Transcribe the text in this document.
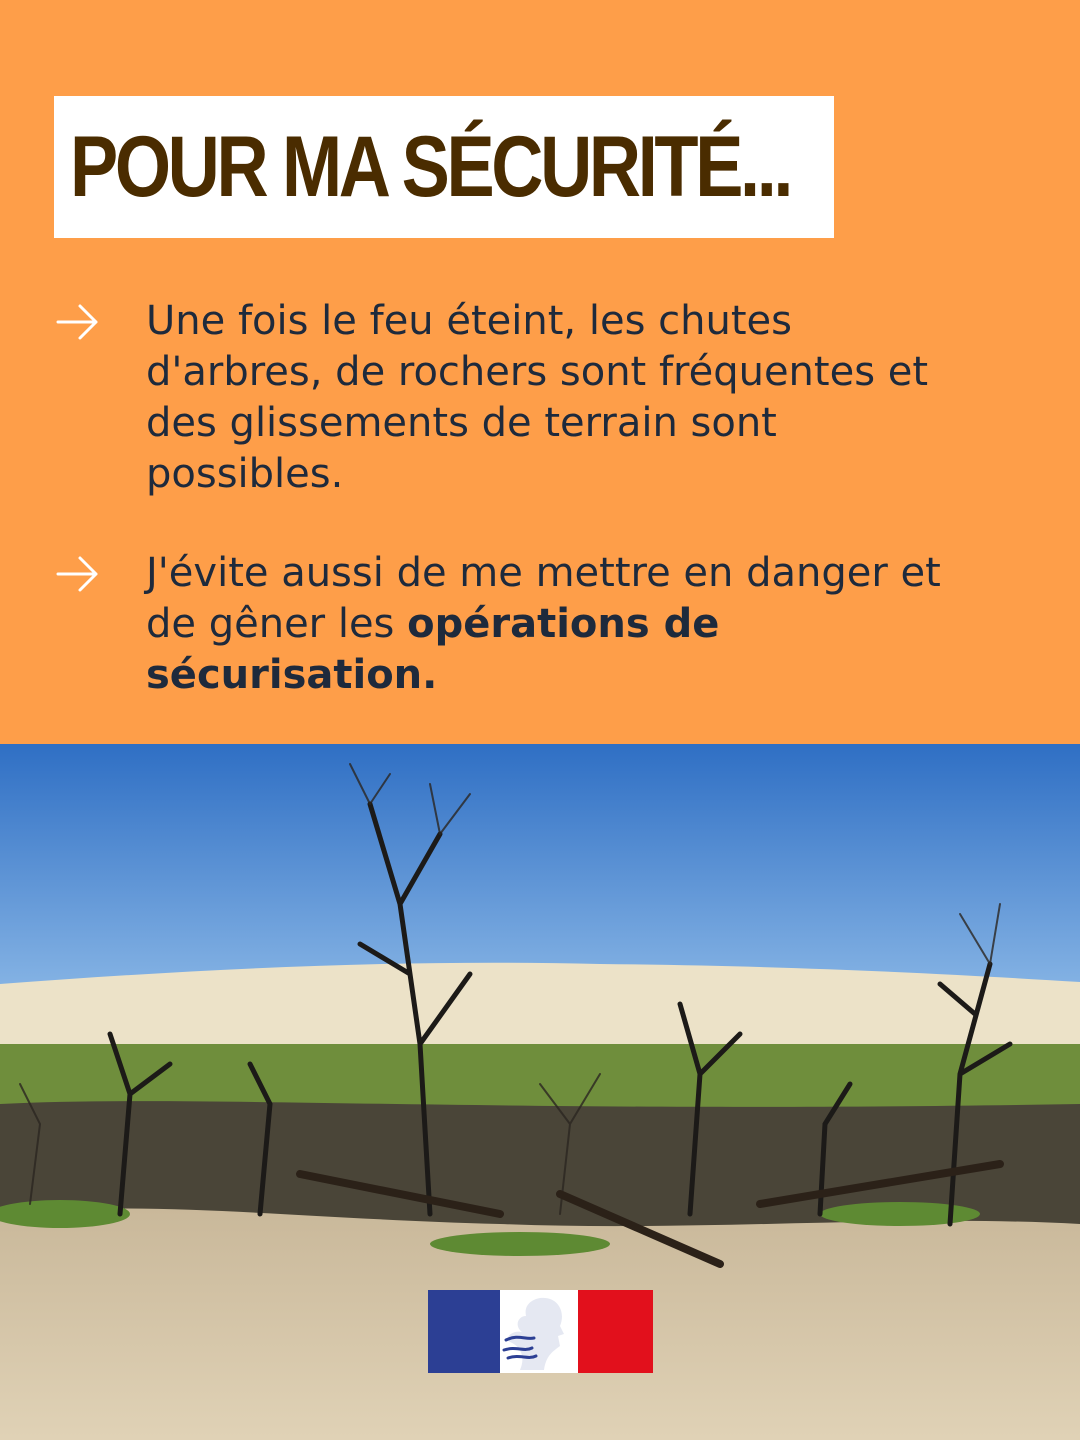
POUR MA SÉCURITÉ...
Une fois le feu éteint, les chutes d'arbres, de rochers sont fréquentes et des glissements de terrain sont possibles.
J'évite aussi de me mettre en danger et de gêner les opérations de sécurisation.
